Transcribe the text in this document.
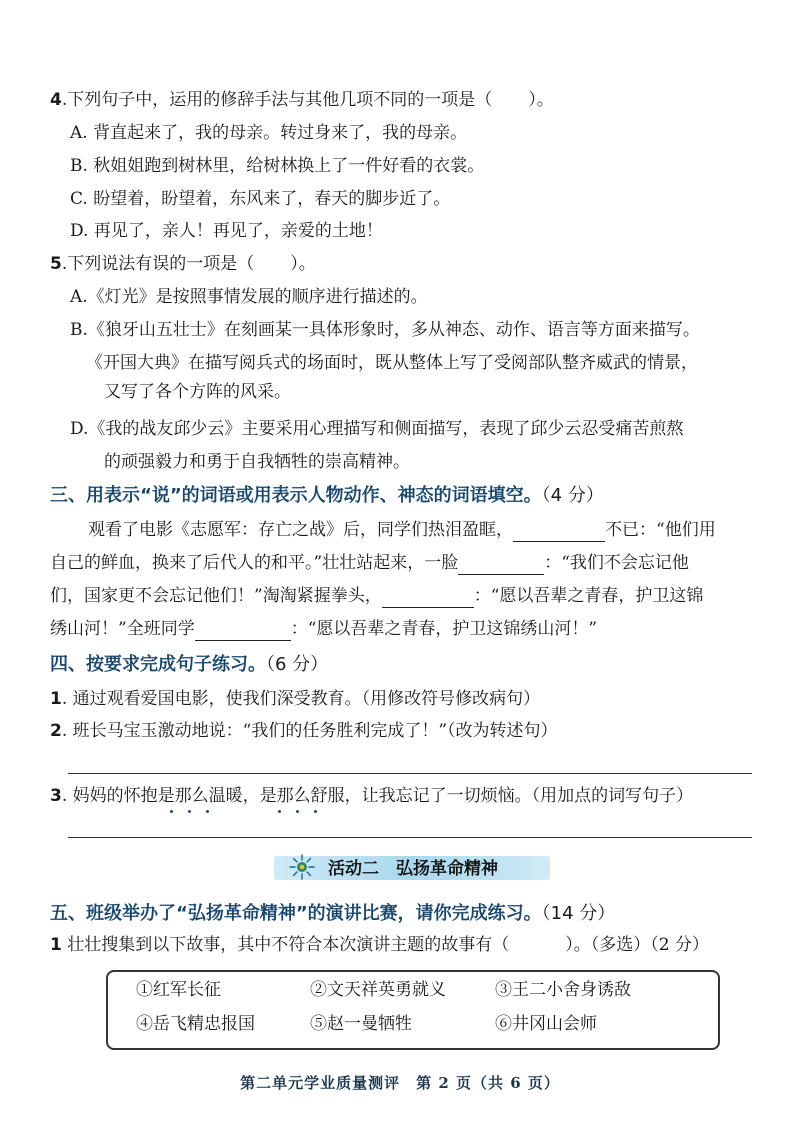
4.下列句子中，运用的修辞手法与其他几项不同的一项是（ ）。
A. 背直起来了，我的母亲。转过身来了，我的母亲。
B. 秋姐姐跑到树林里，给树林换上了一件好看的衣裳。
C. 盼望着，盼望着，东风来了，春天的脚步近了。
D. 再见了，亲人！再见了，亲爱的土地！
5.下列说法有误的一项是（ ）。
A.《灯光》是按照事情发展的顺序进行描述的。
B.《狼牙山五壮士》在刻画某一具体形象时，多从神态、动作、语言等方面来描写。
《开国大典》在描写阅兵式的场面时，既从整体上写了受阅部队整齐威武的情景，
又写了各个方阵的风采。
D.《我的战友邱少云》主要采用心理描写和侧面描写，表现了邱少云忍受痛苦煎熬
的顽强毅力和勇于自我牺牲的崇高精神。
三、用表示“说”的词语或用表示人物动作、神态的词语填空。（4 分）
观看了电影《志愿军：存亡之战》后，同学们热泪盈眶，	不已：“他们用
自己的鲜血，换来了后代人的和平。”壮壮站起来，一脸	：“我们不会忘记他
们，国家更不会忘记他们！”淘淘紧握拳头，	：“愿以吾辈之青春，护卫这锦
绣山河！”全班同学	：“愿以吾辈之青春，护卫这锦绣山河！”
四、按要求完成句子练习。（6 分）
1. 通过观看爱国电影，使我们深受教育。（用修改符号修改病句）
2. 班长马宝玉激动地说：“我们的任务胜利完成了！”（改为转述句）
3. 妈妈的怀抱是那么温暖，是那么舒服，让我忘记了一切烦恼。（用加点的词写句子）
活动二　弘扬革命精神
五、班级举办了“弘扬革命精神”的演讲比赛，请你完成练习。（14 分）
1 壮壮搜集到以下故事，其中不符合本次演讲主题的故事有（	）。（多选）（2 分）
①红军长征	②文天祥英勇就义	③王二小舍身诱敌
④岳飞精忠报国	⑤赵一曼牺牲	⑥井冈山会师
第二单元学业质量测评　第 2 页（共 6 页）
